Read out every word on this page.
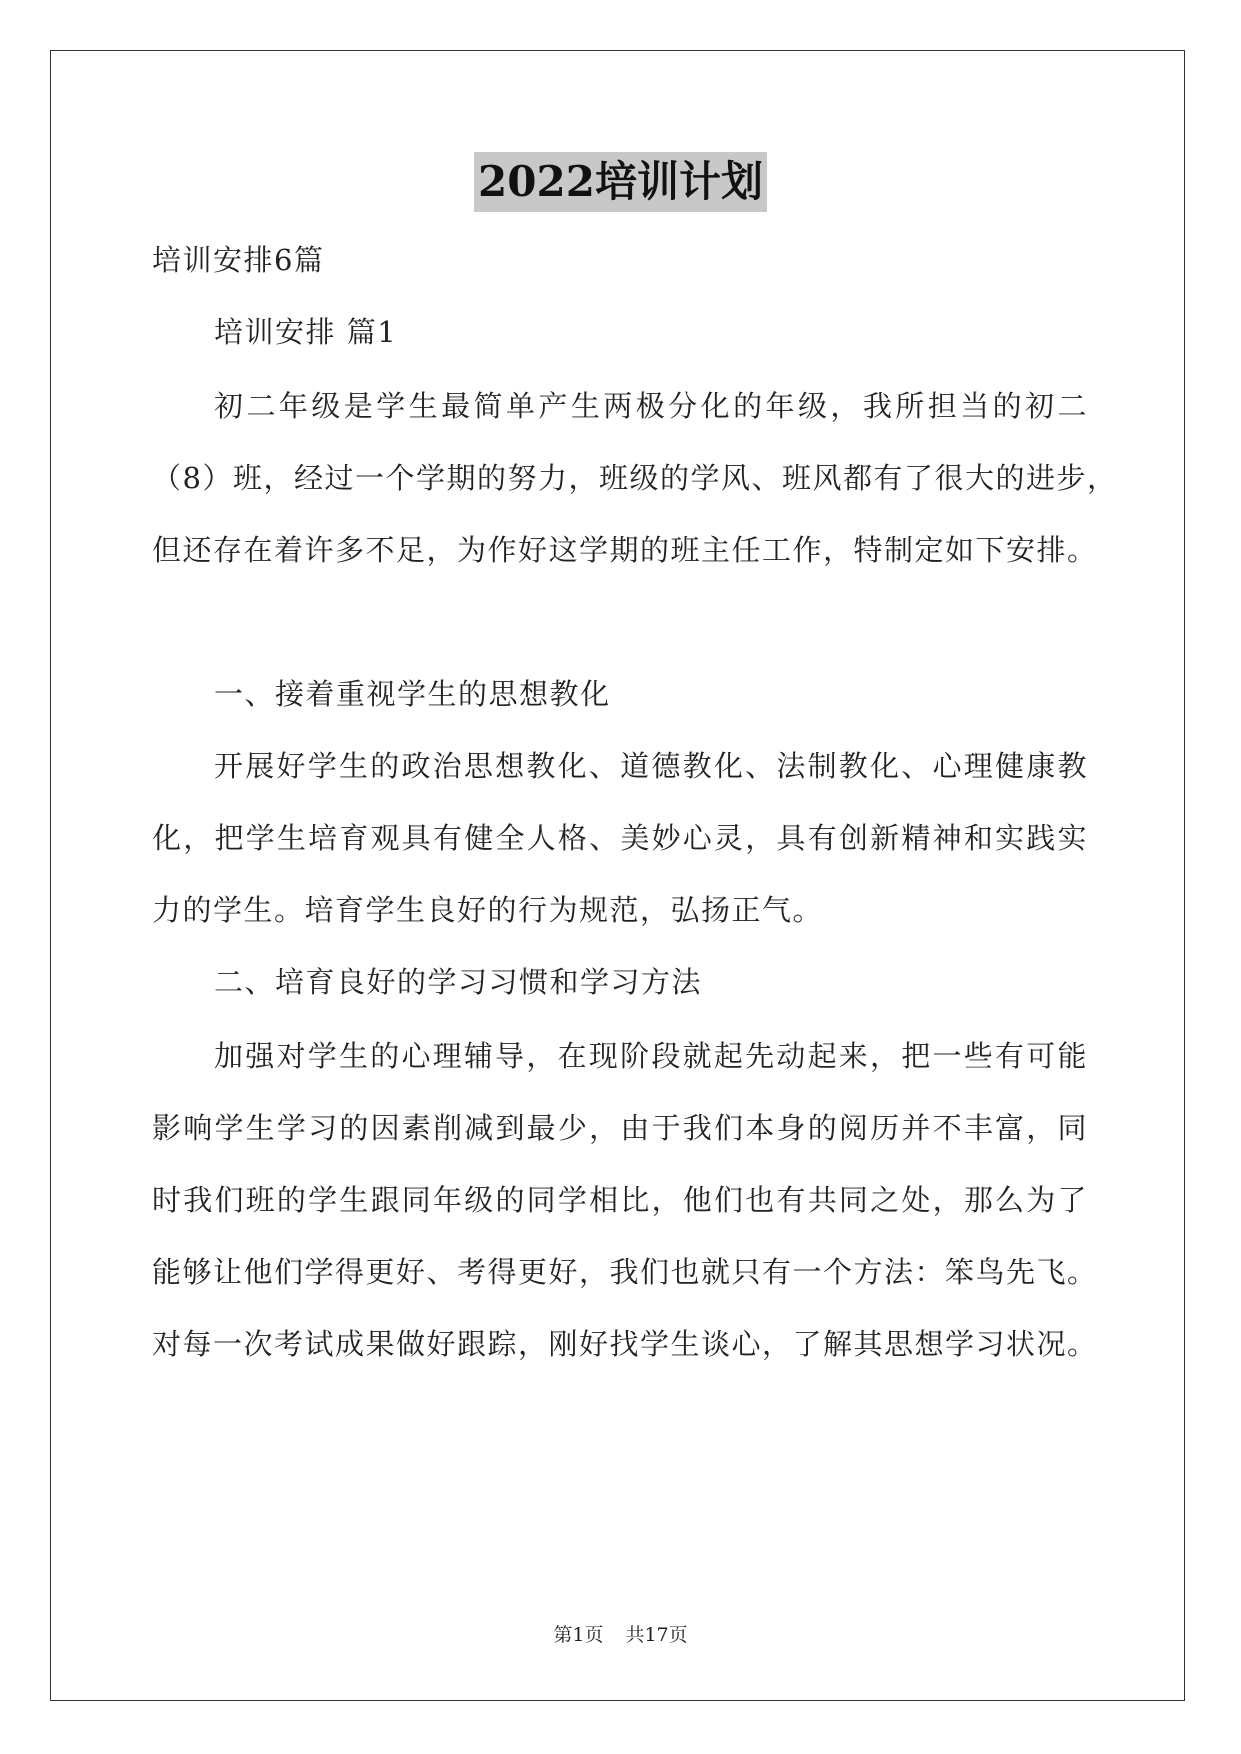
2022培训计划
培训安排6篇
培训安排 篇1
初二年级是学生最简单产生两极分化的年级，我所担当的初二
（8）班，经过一个学期的努力，班级的学风、班风都有了很大的进步，
但还存在着许多不足，为作好这学期的班主任工作，特制定如下安排。
一、接着重视学生的思想教化
开展好学生的政治思想教化、道德教化、法制教化、心理健康教
化，把学生培育观具有健全人格、美妙心灵，具有创新精神和实践实
力的学生。培育学生良好的行为规范，弘扬正气。
二、培育良好的学习习惯和学习方法
加强对学生的心理辅导，在现阶段就起先动起来，把一些有可能
影响学生学习的因素削减到最少，由于我们本身的阅历并不丰富，同
时我们班的学生跟同年级的同学相比，他们也有共同之处，那么为了
能够让他们学得更好、考得更好，我们也就只有一个方法：笨鸟先飞。
对每一次考试成果做好跟踪，刚好找学生谈心，了解其思想学习状况。
第1页 共17页
